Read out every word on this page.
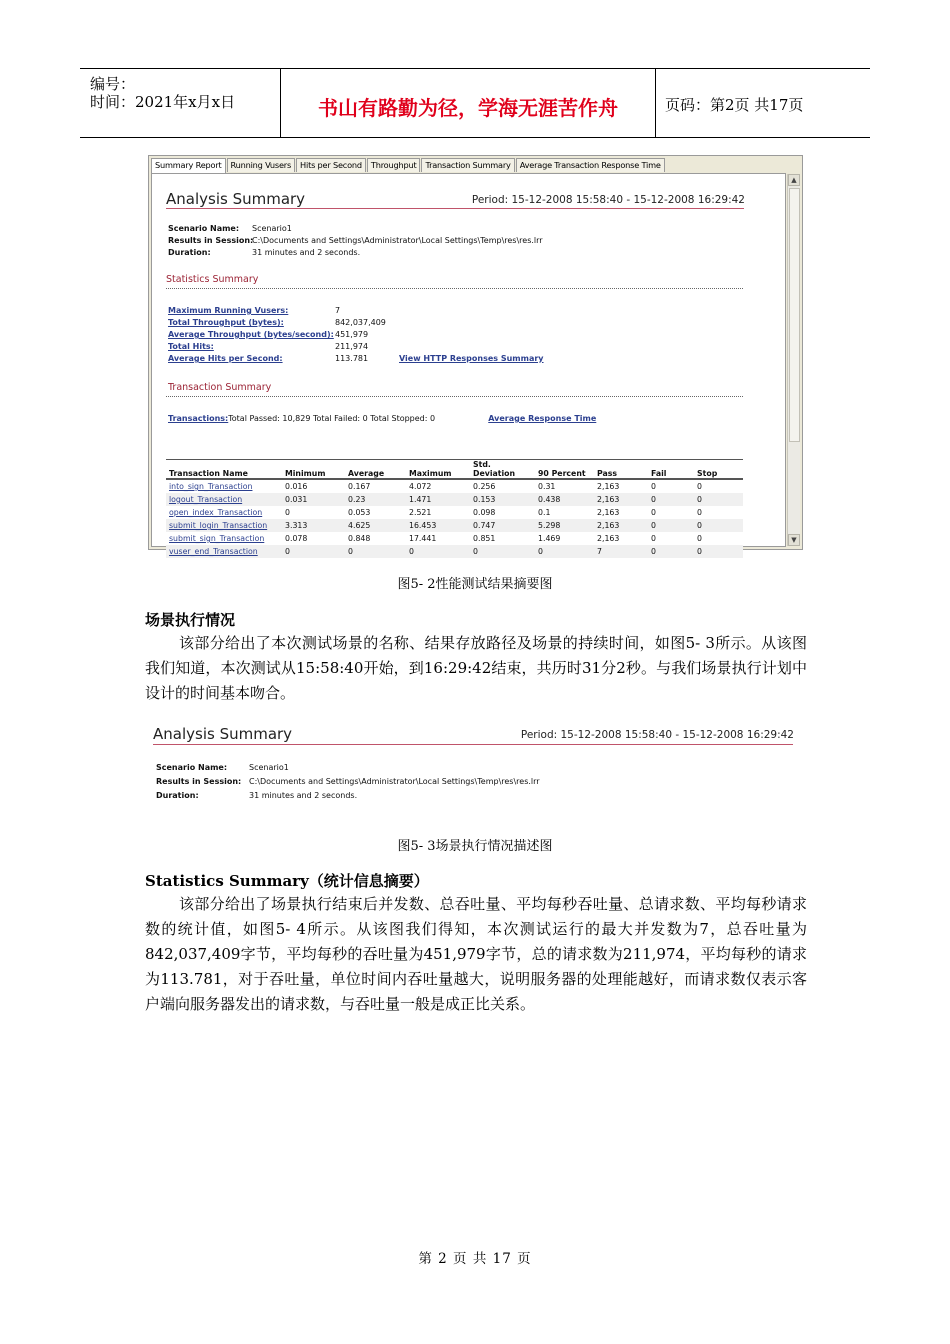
编号：
时间：2021年x月x日	书山有路勤为径，学海无涯苦作舟	页码：第2页 共17页
Summary Report	Running Vusers	Hits per Second	Throughput	Transaction Summary	Average Transaction Response Time
Analysis Summary	Period: 15-12-2008 15:58:40 - 15-12-2008 16:29:42
Scenario Name: Scenario1
Results in Session:C:\Documents and Settings\Administrator\Local Settings\Temp\res\res.lrr
Duration:	31 minutes and 2 seconds.
Statistics Summary
Maximum Running Vusers:	7
Total Throughput (bytes):	842,037,409
Average Throughput (bytes/second):451,979
Total Hits:	211,974
Average Hits per Second:	113.781	View HTTP Responses Summary
Transaction Summary
Transactions:Total Passed: 10,829 Total Failed: 0 Total Stopped: 0	Average Response Time
Transaction Name	Minimum	Average	Maximum	Std. Deviation	90 Percent	Pass	Fail	Stop
into_sign_Transaction	0.016	0.167	4.072	0.256	0.31	2,163	0	0
logout_Transaction	0.031	0.23	1.471	0.153	0.438	2,163	0	0
open_index_Transaction	0	0.053	2.521	0.098	0.1	2,163	0	0
submit_login_Transaction	3.313	4.625	16.453	0.747	5.298	2,163	0	0
submit_sign_Transaction	0.078	0.848	17.441	0.851	1.469	2,163	0	0
vuser_end_Transaction	0	0	0	0	0	7	0	0
▲
▼
图5- 2性能测试结果摘要图
场景执行情况

该部分给出了本次测试场景的名称、结果存放路径及场景的持续时间，如图5- 3所示。从该图我们知道，本次测试从15:58:40开始，到16:29:42结束，共历时31分2秒。与我们场景执行计划中设计的时间基本吻合。

Analysis Summary	Period: 15-12-2008 15:58:40 - 15-12-2008 16:29:42
Scenario Name:	Scenario1
Results in Session: C:\Documents and Settings\Administrator\Local Settings\Temp\res\res.lrr
Duration:	31 minutes and 2 seconds.
图5- 3场景执行情况描述图
Statistics Summary（统计信息摘要）

该部分给出了场景执行结束后并发数、总吞吐量、平均每秒吞吐量、总请求数、平均每秒请求数的统计值，如图5- 4所示。从该图我们得知，本次测试运行的最大并发数为7，总吞吐量为842,037,409字节，平均每秒的吞吐量为451,979字节，总的请求数为211,974，平均每秒的请求为113.781，对于吞吐量，单位时间内吞吐量越大，说明服务器的处理能越好，而请求数仅表示客户端向服务器发出的请求数，与吞吐量一般是成正比关系。

第 2 页 共 17 页
